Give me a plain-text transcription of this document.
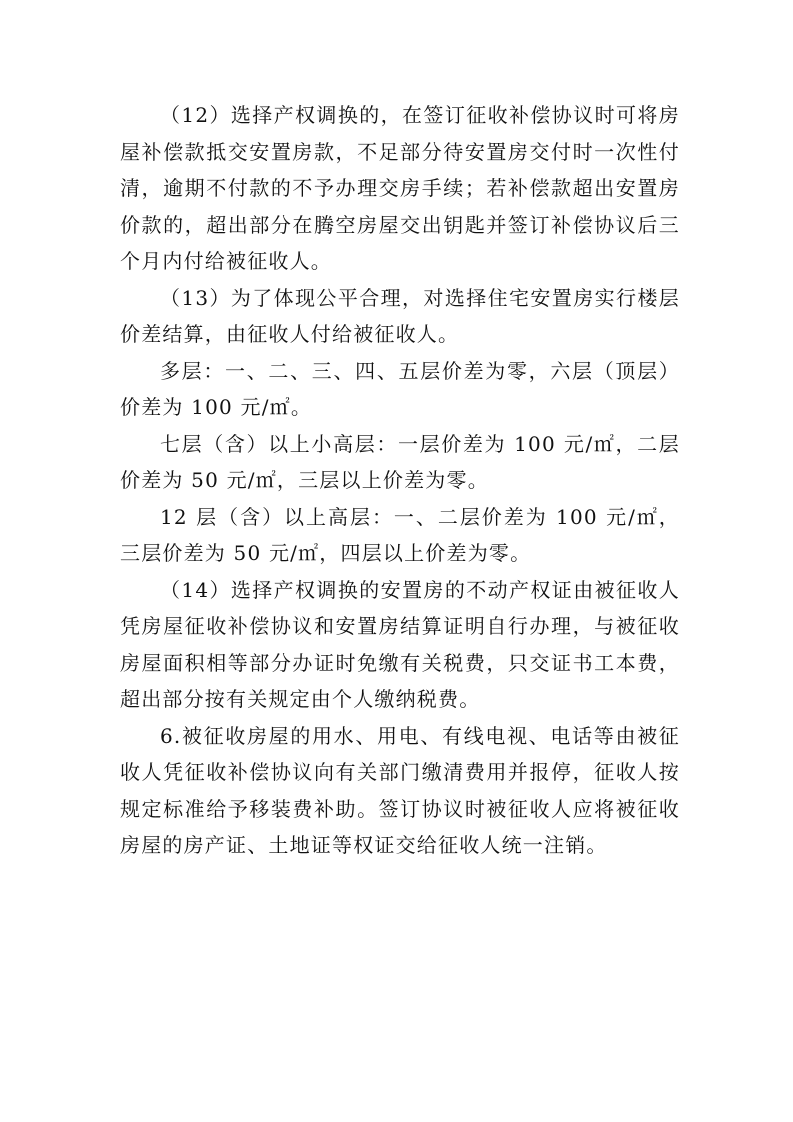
（12）选择产权调换的，在签订征收补偿协议时可将房屋补偿款抵交安置房款，不足部分待安置房交付时一次性付清，逾期不付款的不予办理交房手续；若补偿款超出安置房价款的，超出部分在腾空房屋交出钥匙并签订补偿协议后三个月内付给被征收人。

（13）为了体现公平合理，对选择住宅安置房实行楼层价差结算，由征收人付给被征收人。

多层：一、二、三、四、五层价差为零，六层（顶层）价差为 100 元/㎡。

七层（含）以上小高层：一层价差为 100 元/㎡，二层价差为 50 元/㎡，三层以上价差为零。

12 层（含）以上高层：一、二层价差为 100 元/㎡，三层价差为 50 元/㎡，四层以上价差为零。

（14）选择产权调换的安置房的不动产权证由被征收人凭房屋征收补偿协议和安置房结算证明自行办理，与被征收房屋面积相等部分办证时免缴有关税费，只交证书工本费，超出部分按有关规定由个人缴纳税费。

6.被征收房屋的用水、用电、有线电视、电话等由被征收人凭征收补偿协议向有关部门缴清费用并报停，征收人按规定标准给予移装费补助。签订协议时被征收人应将被征收房屋的房产证、土地证等权证交给征收人统一注销。
